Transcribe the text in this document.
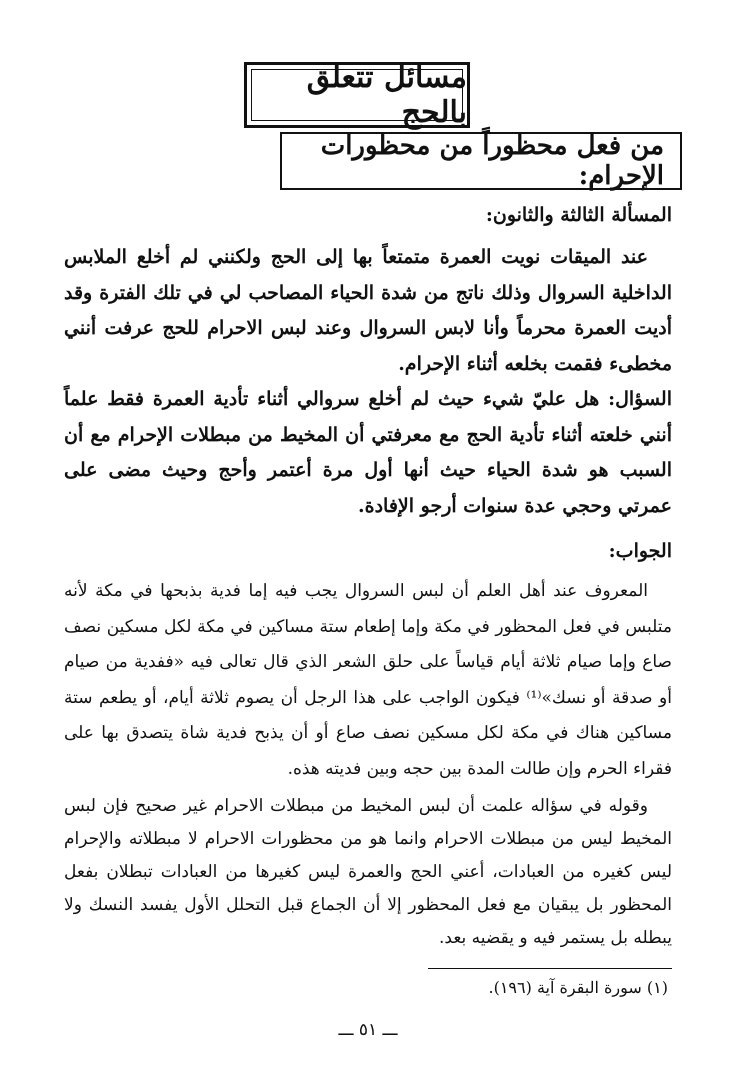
مسائل تتعلق بالحج
من فعل محظوراً من محظورات الإحرام:
المسألة الثالثة والثانون:

عند الميقات نويت العمرة متمتعاً بها إلى الحج ولكنني لم أخلع الملابس الداخلية السروال وذلك ناتج من شدة الحياء المصاحب لي في تلك الفترة وقد أديت العمرة محرماً وأنا لابس السروال وعند لبس الاحرام للحج عرفت أنني مخطىء فقمت بخلعه أثناء الإحرام.

السؤال: هل عليّ شيء حيث لم أخلع سروالي أثناء تأدية العمرة فقط علماً أنني خلعته أثناء تأدية الحج مع معرفتي أن المخيط من مبطلات الإحرام مع أن السبب هو شدة الحياء حيث أنها أول مرة أعتمر وأحج وحيث مضى على عمرتي وحجي عدة سنوات أرجو الإفادة.

الجواب:

المعروف عند أهل العلم أن لبس السروال يجب فيه إما فدية بذبحها في مكة لأنه متلبس في فعل المحظور في مكة وإما إطعام ستة مساكين في مكة لكل مسكين نصف صاع وإما صيام ثلاثة أيام قياساً على حلق الشعر الذي قال تعالى فيه «ففدية من صيام أو صدقة أو نسك»⁽¹⁾ فيكون الواجب على هذا الرجل أن يصوم ثلاثة أيام، أو يطعم ستة مساكين هناك في مكة لكل مسكين نصف صاع أو أن يذبح فدية شاة يتصدق بها على فقراء الحرم وإن طالت المدة بين حجه وبين فديته هذه.

وقوله في سؤاله علمت أن لبس المخيط من مبطلات الاحرام غير صحيح فإن لبس المخيط ليس من مبطلات الاحرام وانما هو من محظورات الاحرام لا مبطلاته والإحرام ليس كغيره من العبادات، أعني الحج والعمرة ليس كغيرها من العبادات تبطلان بفعل المحظور بل يبقيان مع فعل المحظور إلا أن الجماع قبل التحلل الأول يفسد النسك ولا يبطله بل يستمر فيه و يقضيه بعد.

(١) سورة البقرة آية (١٩٦).
ـــ ٥١ ـــ
